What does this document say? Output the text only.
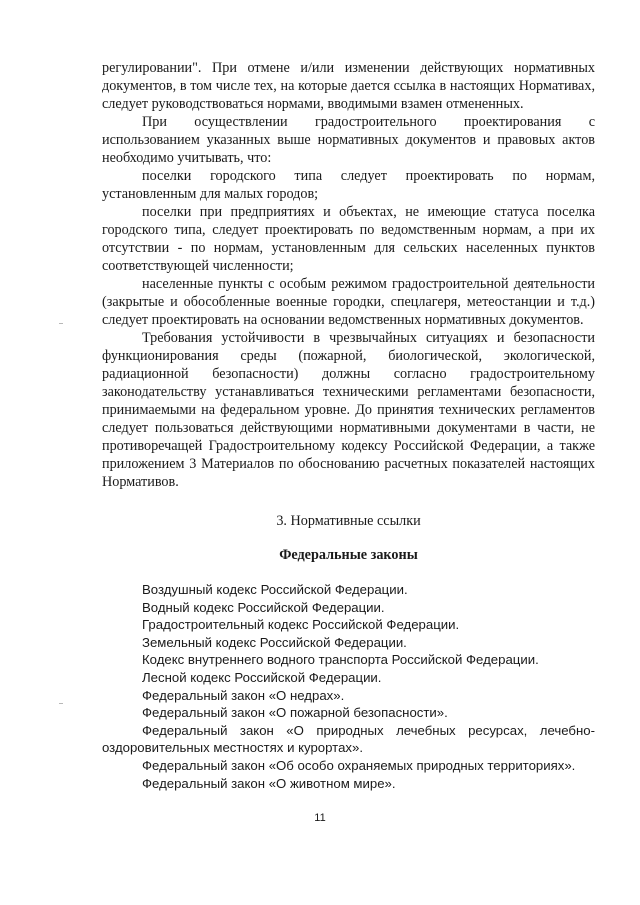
регулировании". При отмене и/или изменении действующих нормативных документов, в том числе тех, на которые дается ссылка в настоящих Нормативах, следует руководствоваться нормами, вводимыми взамен отмененных.

При осуществлении градостроительного проектирования с использованием указанных выше нормативных документов и правовых актов необходимо учитывать, что:

поселки городского типа следует проектировать по нормам, установленным для малых городов;

поселки при предприятиях и объектах, не имеющие статуса поселка городского типа, следует проектировать по ведомственным нормам, а при их отсутствии - по нормам, установленным для сельских населенных пунктов соответствующей численности;

населенные пункты с особым режимом градостроительной деятельности (закрытые и обособленные военные городки, спецлагеря, метеостанции и т.д.) следует проектировать на основании ведомственных нормативных документов.

Требования устойчивости в чрезвычайных ситуациях и безопасности функционирования среды (пожарной, биологической, экологической, радиационной безопасности) должны согласно градостроительному законодательству устанавливаться техническими регламентами безопасности, принимаемыми на федеральном уровне. До принятия технических регламентов следует пользоваться действующими нормативными документами в части, не противоречащей Градостроительному кодексу Российской Федерации, а также приложением 3 Материалов по обоснованию расчетных показателей настоящих Нормативов.

3. Нормативные ссылки
Федеральные законы

Воздушный кодекс Российской Федерации.

Водный кодекс Российской Федерации.

Градостроительный кодекс Российской Федерации.

Земельный кодекс Российской Федерации.

Кодекс внутреннего водного транспорта Российской Федерации.

Лесной кодекс Российской Федерации.

Федеральный закон «О недрах».

Федеральный закон «О пожарной безопасности».

Федеральный закон «О природных лечебных ресурсах, лечебно-оздоровительных местностях и курортах».

Федеральный закон «Об особо охраняемых природных территориях».

Федеральный закон «О животном мире».

11
